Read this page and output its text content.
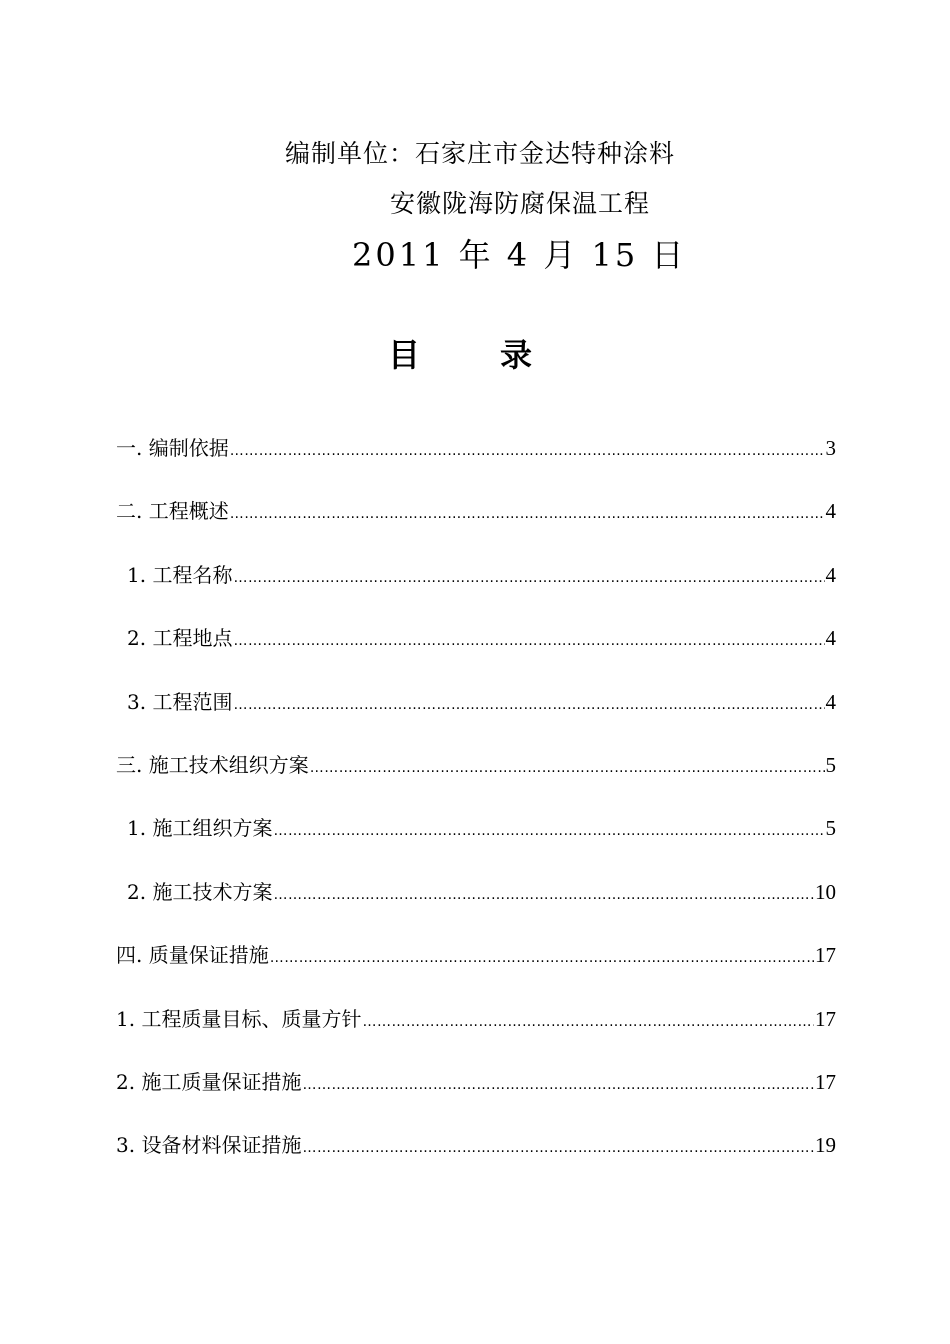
编制单位：石家庄市金达特种涂料
安徽陇海防腐保温工程
2011 年 4 月 15 日
目录
一. 编制依据 …………………………………………………………………………………………………………………………………………………………………………………	3
二. 工程概述 …………………………………………………………………………………………………………………………………………………………………………………	4
1. 工程名称 …………………………………………………………………………………………………………………………………………………………………………………	4
2. 工程地点 …………………………………………………………………………………………………………………………………………………………………………………	4
3. 工程范围 …………………………………………………………………………………………………………………………………………………………………………………	4
三. 施工技术组织方案 …………………………………………………………………………………………………………………………………………………………………………………	5
1. 施工组织方案 …………………………………………………………………………………………………………………………………………………………………………………	5
2. 施工技术方案 …………………………………………………………………………………………………………………………………………………………………………………	10
四. 质量保证措施 …………………………………………………………………………………………………………………………………………………………………………………	17
1. 工程质量目标、质量方针 …………………………………………………………………………………………………………………………………………………………………………………	17
2. 施工质量保证措施 …………………………………………………………………………………………………………………………………………………………………………………	17
3. 设备材料保证措施 …………………………………………………………………………………………………………………………………………………………………………………	19
